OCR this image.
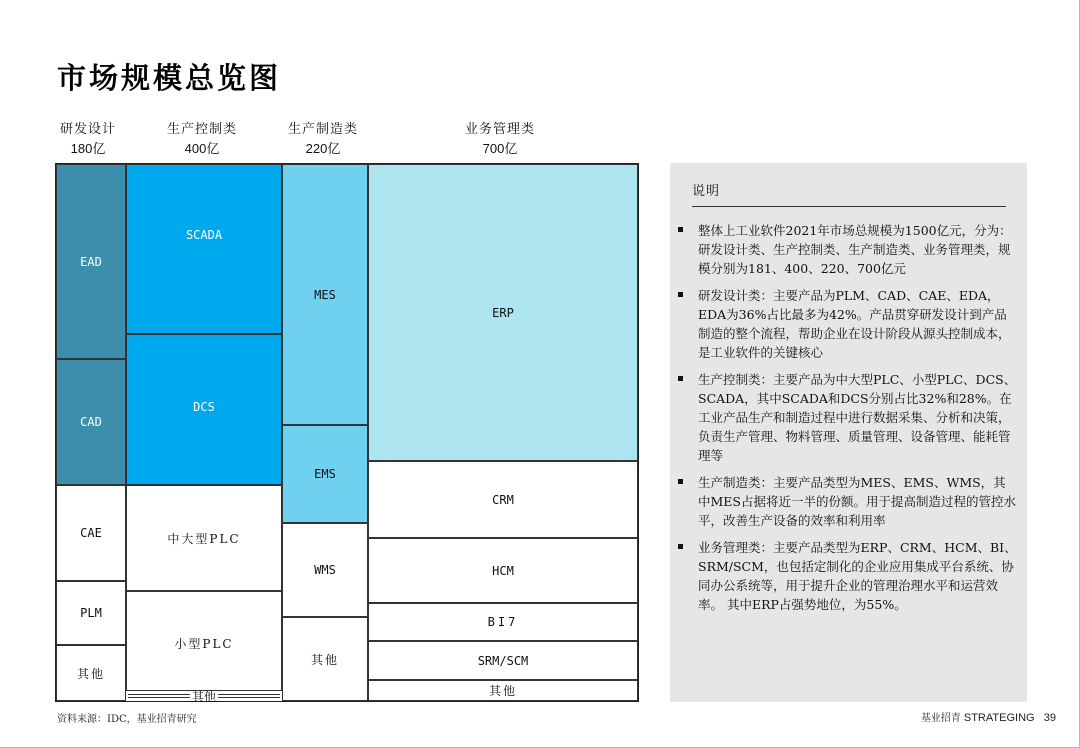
市场规模总览图
研发设计
180亿
生产控制类
400亿
生产制造类
220亿
业务管理类
700亿
EAD
CAD
CAE
PLM
其他
SCADA
DCS
中大型PLC
小型PLC
其他
MES
EMS
WMS
其他
ERP
CRM
HCM
BI7
SRM/SCM
其他
说明
整体上工业软件2021年市场总规模为1500亿元，分为：研发设计类、生产控制类、生产制造类、业务管理类，规模分别为181、400、220、700亿元
研发设计类：主要产品为PLM、CAD、CAE、EDA，EDA为36%占比最多为42%。产品贯穿研发设计到产品制造的整个流程，帮助企业在设计阶段从源头控制成本，是工业软件的关键核心
生产控制类：主要产品为中大型PLC、小型PLC、DCS、SCADA，其中SCADA和DCS分别占比32%和28%。在工业产品生产和制造过程中进行数据采集、分析和决策，负责生产管理、物料管理、质量管理、设备管理、能耗管理等
生产制造类：主要产品类型为MES、EMS、WMS，其中MES占据将近一半的份额。用于提高制造过程的管控水平，改善生产设备的效率和利用率
业务管理类：主要产品类型为ERP、CRM、HCM、BI、SRM/SCM，也包括定制化的企业应用集成平台系统、协同办公系统等，用于提升企业的管理治理水平和运营效率。 其中ERP占强势地位，为55%。
资料来源：IDC，基业招青研究	基业招青 STRATEGING 39
